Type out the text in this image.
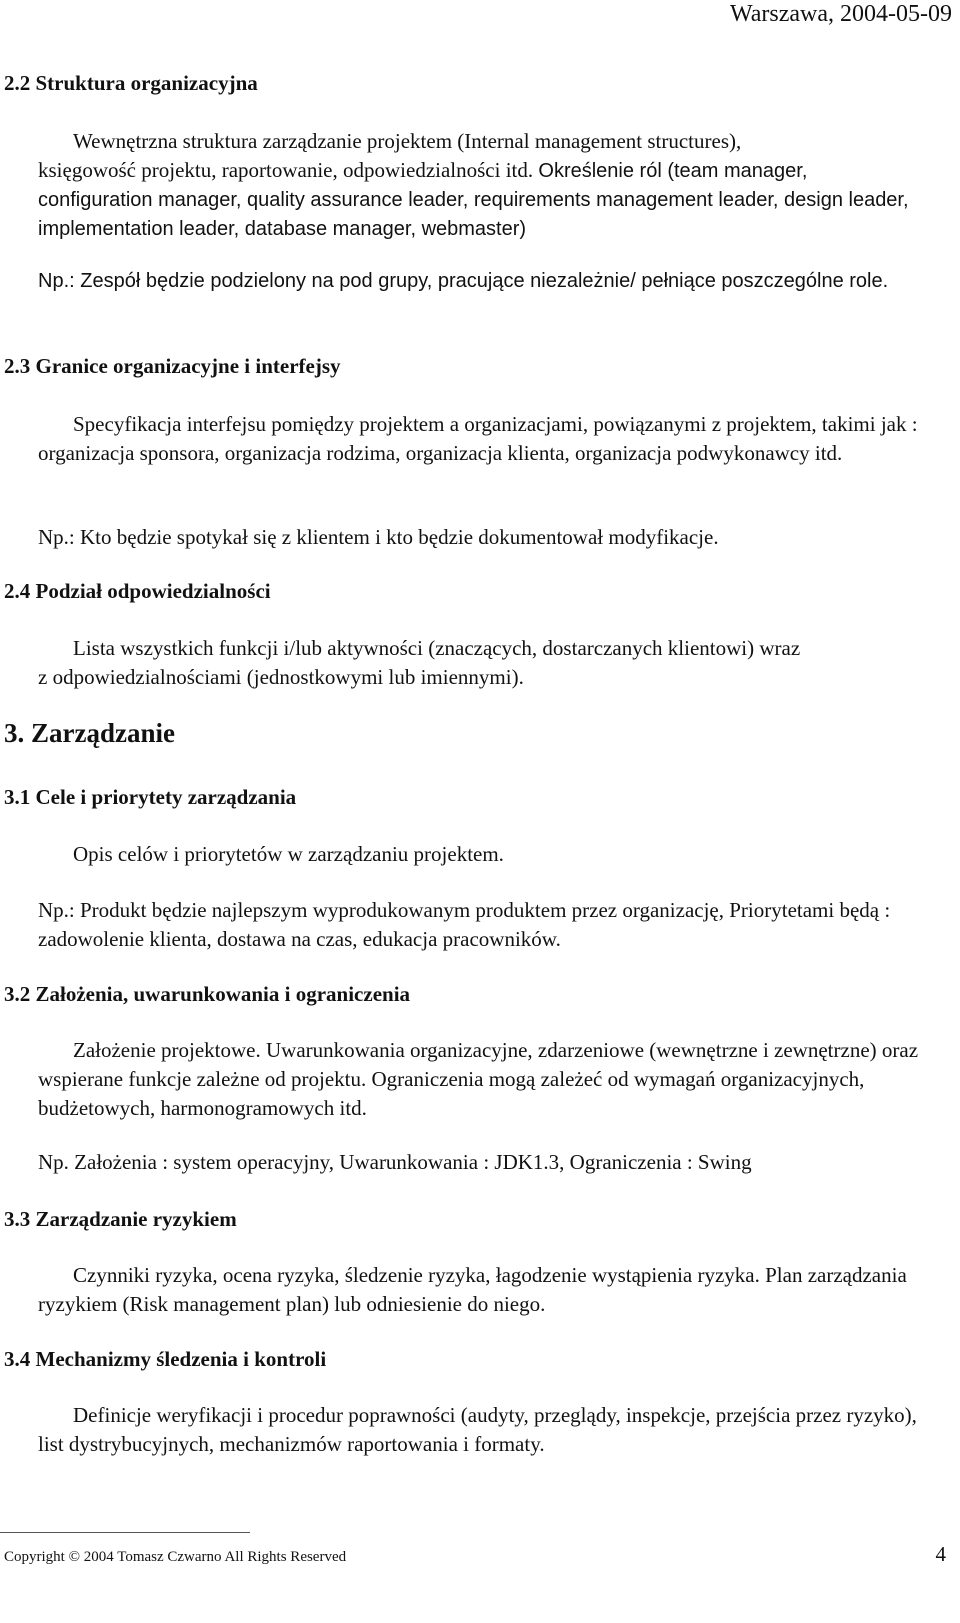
Warszawa, 2004-05-09
2.2 Struktura organizacyjna

Wewnętrzna struktura zarządzanie projektem (Internal management structures),

księgowość projektu, raportowanie, odpowiedzialności itd. Określenie ról (team manager,

configuration manager, quality assurance leader, requirements management leader, design leader, implementation leader, database manager, webmaster)

Np.: Zespół będzie podzielony na pod grupy, pracujące niezależnie/ pełniące poszczególne role.
2.3 Granice organizacyjne i interfejsy
Specyfikacja interfejsu pomiędzy projektem a organizacjami, powiązanymi z projektem, takimi jak : organizacja sponsora, organizacja rodzima, organizacja klienta, organizacja podwykonawcy itd.
Np.: Kto będzie spotykał się z klientem i kto będzie dokumentował modyfikacje.
2.4 Podział odpowiedzialności

Lista wszystkich funkcji i/lub aktywności (znaczących, dostarczanych klientowi) wraz

z odpowiedzialnościami (jednostkowymi lub imiennymi).

3. Zarządzanie
3.1 Cele i priorytety zarządzania
Opis celów i priorytetów w zarządzaniu projektem.
Np.: Produkt będzie najlepszym wyprodukowanym produktem przez organizację, Priorytetami będą : zadowolenie klienta, dostawa na czas, edukacja pracowników.
3.2 Założenia, uwarunkowania i ograniczenia
Założenie projektowe. Uwarunkowania organizacyjne, zdarzeniowe (wewnętrzne i zewnętrzne) oraz wspierane funkcje zależne od projektu. Ograniczenia mogą zależeć od wymagań organizacyjnych, budżetowych, harmonogramowych itd.
Np. Założenia : system operacyjny, Uwarunkowania : JDK1.3, Ograniczenia : Swing
3.3 Zarządzanie ryzykiem
Czynniki ryzyka, ocena ryzyka, śledzenie ryzyka, łagodzenie wystąpienia ryzyka. Plan zarządzania ryzykiem (Risk management plan) lub odniesienie do niego.
3.4 Mechanizmy śledzenia i kontroli
Definicje weryfikacji i procedur poprawności (audyty, przeglądy, inspekcje, przejścia przez ryzyko), list dystrybucyjnych, mechanizmów raportowania i formaty.
Copyright © 2004 Tomasz Czwarno All Rights Reserved	4
